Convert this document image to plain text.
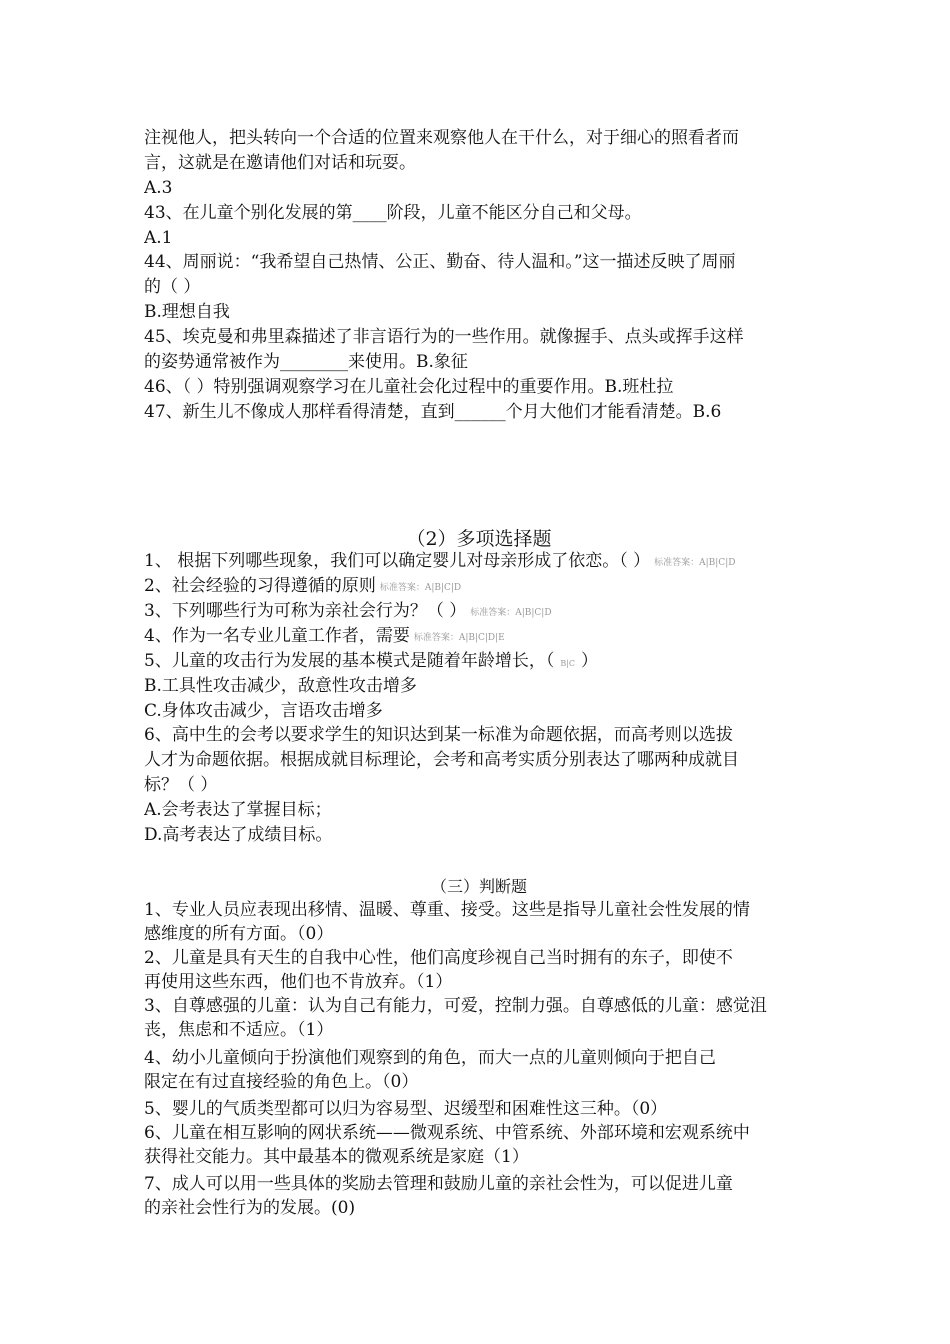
注视他人，把头转向一个合适的位置来观察他人在干什么，对于细心的照看者而
言，这就是在邀请他们对话和玩耍。
A.3
43、在儿童个别化发展的第____阶段，儿童不能区分自己和父母。
A.1
44、周丽说：“我希望自己热情、公正、勤奋、待人温和。”这一描述反映了周丽
的（ ）
B.理想自我
45、埃克曼和弗里森描述了非言语行为的一些作用。就像握手、点头或挥手这样
的姿势通常被作为________来使用。B.象征
46、（ ）特别强调观察学习在儿童社会化过程中的重要作用。B.班杜拉
47、新生儿不像成人那样看得清楚，直到______个月大他们才能看清楚。B.6
（2）多项选择题
1、 根据下列哪些现象，我们可以确定婴儿对母亲形成了依恋。（ ） 标准答案：A|B|C|D
2、社会经验的习得遵循的原则 标准答案：A|B|C|D
3、下列哪些行为可称为亲社会行为？（ ） 标准答案：A|B|C|D
4、作为一名专业儿童工作者，需要 标准答案：A|B|C|D|E
5、儿童的攻击行为发展的基本模式是随着年龄增长，（ B|C ）
B.工具性攻击减少，敌意性攻击增多
C.身体攻击减少，言语攻击增多
6、高中生的会考以要求学生的知识达到某一标准为命题依据，而高考则以选拔
人才为命题依据。根据成就目标理论，会考和高考实质分别表达了哪两种成就目
标？（ ）
A.会考表达了掌握目标；
D.高考表达了成绩目标。
（三）判断题
1、专业人员应表现出移情、温暖、尊重、接受。这些是指导儿童社会性发展的情
感维度的所有方面。（0）
2、儿童是具有天生的自我中心性，他们高度珍视自己当时拥有的东子，即使不
再使用这些东西，他们也不肯放弃。（1）
3、自尊感强的儿童：认为自己有能力，可爱，控制力强。自尊感低的儿童：感觉沮
丧，焦虑和不适应。（1）
4、幼小儿童倾向于扮演他们观察到的角色，而大一点的儿童则倾向于把自己
限定在有过直接经验的角色上。（0）
5、婴儿的气质类型都可以归为容易型、迟缓型和困难性这三种。（0）
6、儿童在相互影响的网状系统——微观系统、中管系统、外部环境和宏观系统中
获得社交能力。其中最基本的微观系统是家庭（1）
7、成人可以用一些具体的奖励去管理和鼓励儿童的亲社会性为，可以促进儿童
的亲社会性行为的发展。(0)
